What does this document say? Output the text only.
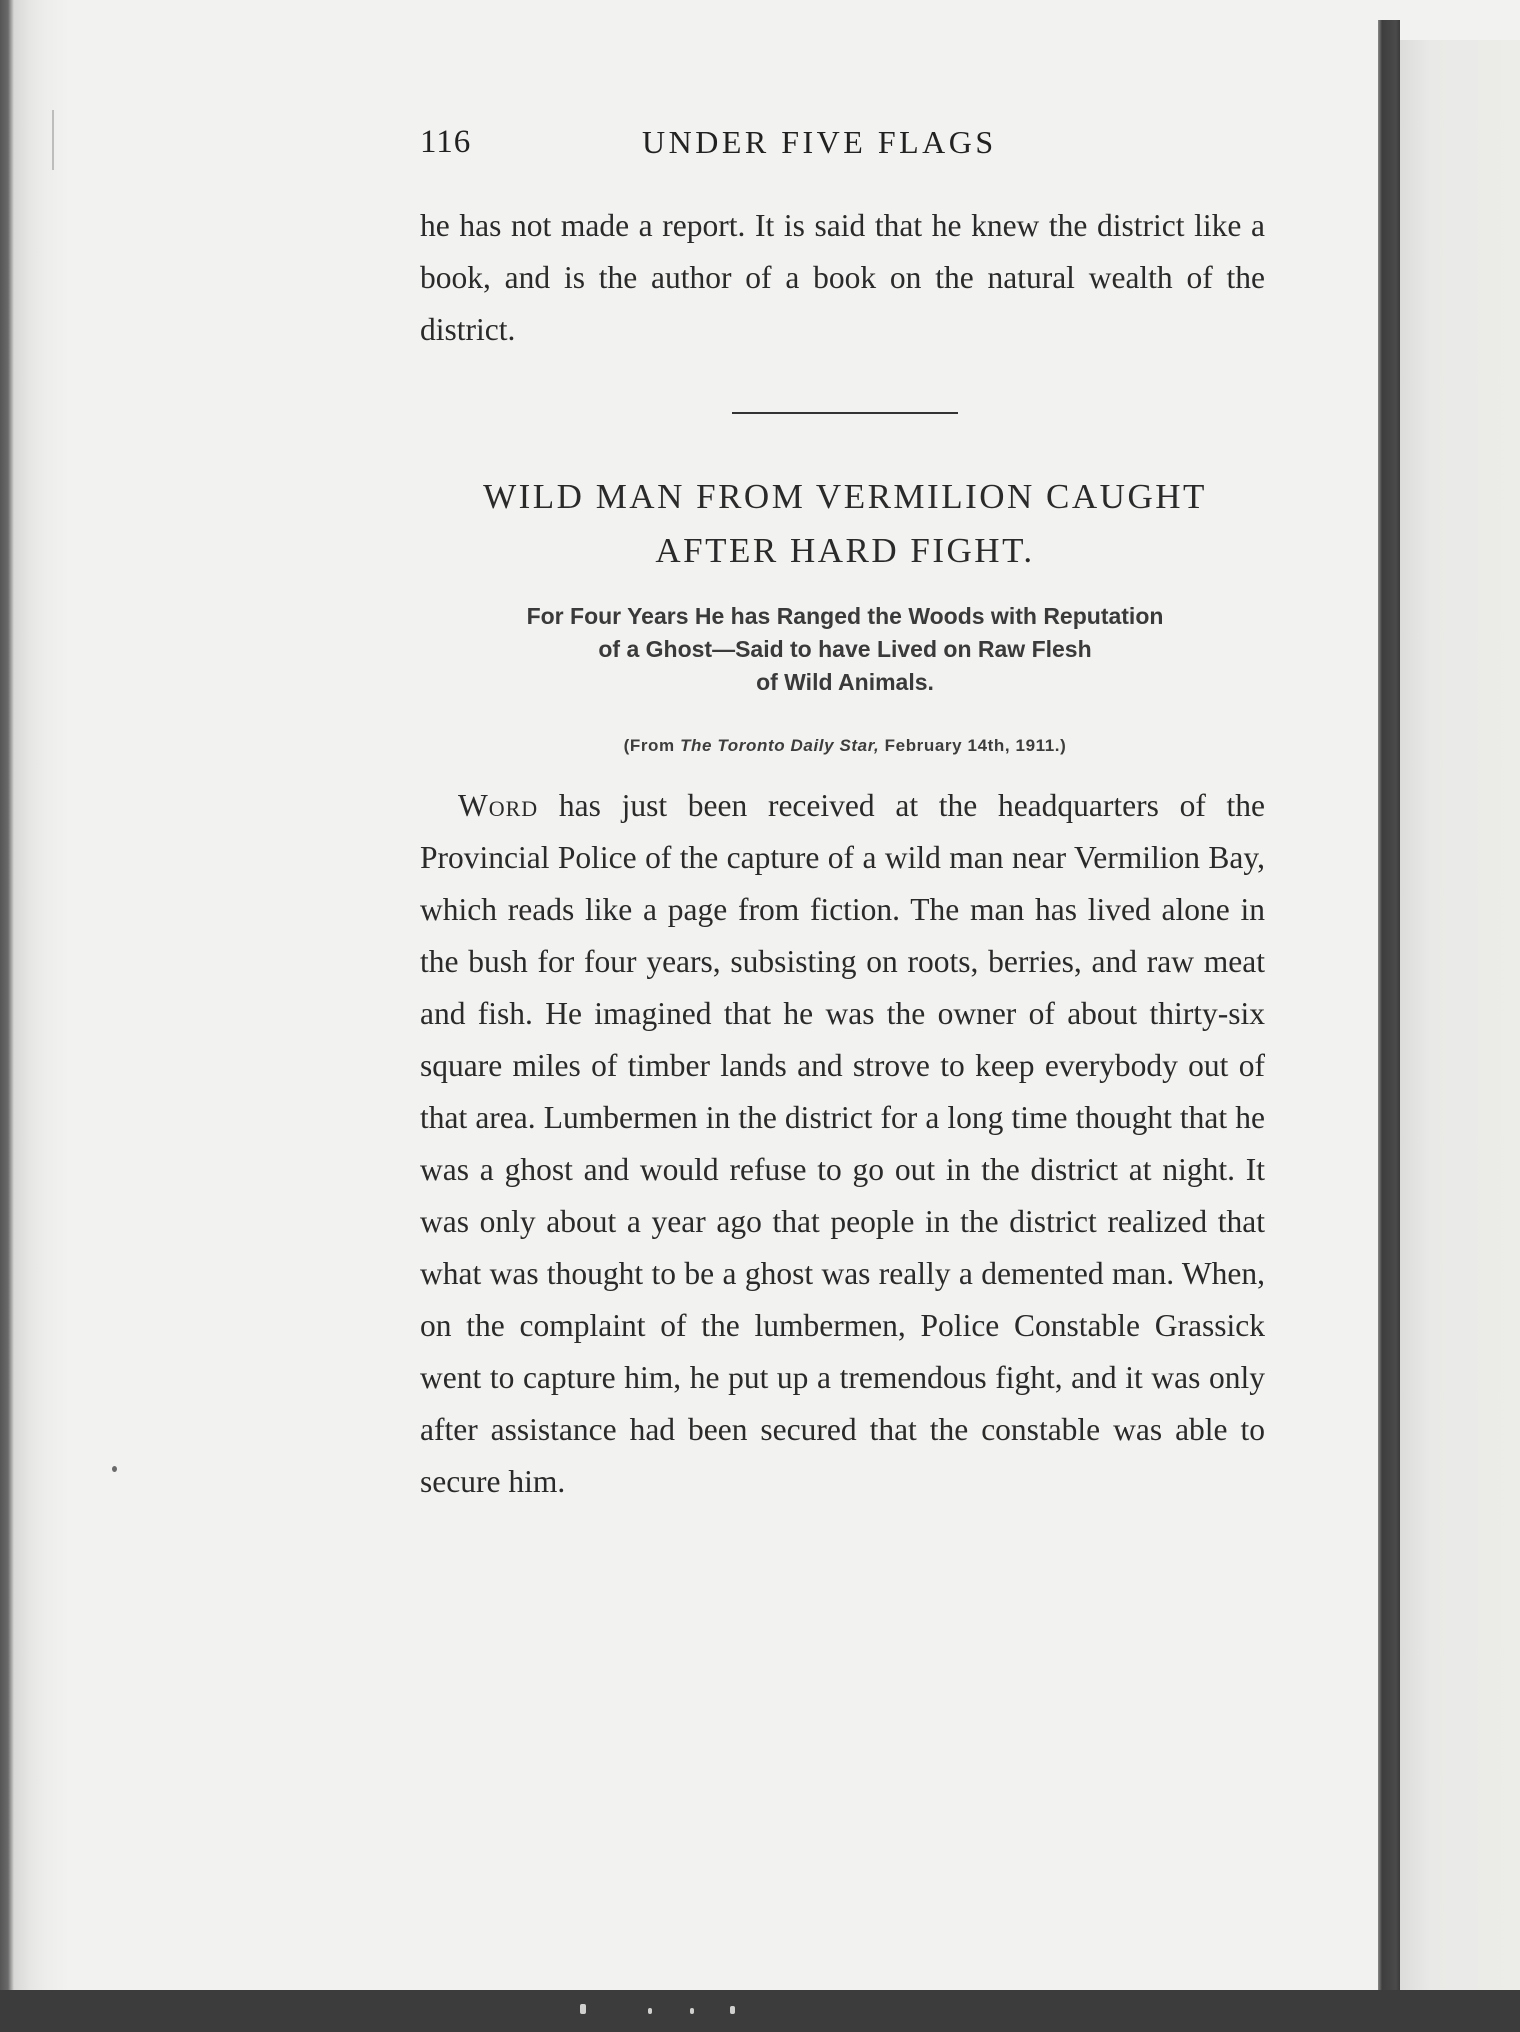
116	UNDER FIVE FLAGS
he has not made a report. It is said that he knew the district like a book, and is the author of a book on the natural wealth of the district.
WILD MAN FROM VERMILION CAUGHT
AFTER HARD FIGHT.
For Four Years He has Ranged the Woods with Reputation
of a Ghost—Said to have Lived on Raw Flesh
of Wild Animals.
(From The Toronto Daily Star, February 14th, 1911.)

Word has just been received at the headquarters of the Provincial Police of the capture of a wild man near Vermilion Bay, which reads like a page from fiction. The man has lived alone in the bush for four years, subsisting on roots, berries, and raw meat and fish. He imagined that he was the owner of about thirty-six square miles of timber lands and strove to keep everybody out of that area. Lumbermen in the district for a long time thought that he was a ghost and would refuse to go out in the district at night. It was only about a year ago that people in the district realized that what was thought to be a ghost was really a demented man. When, on the complaint of the lumbermen, Police Constable Grassick went to capture him, he put up a tremendous fight, and it was only after assistance had been secured that the constable was able to secure him.
